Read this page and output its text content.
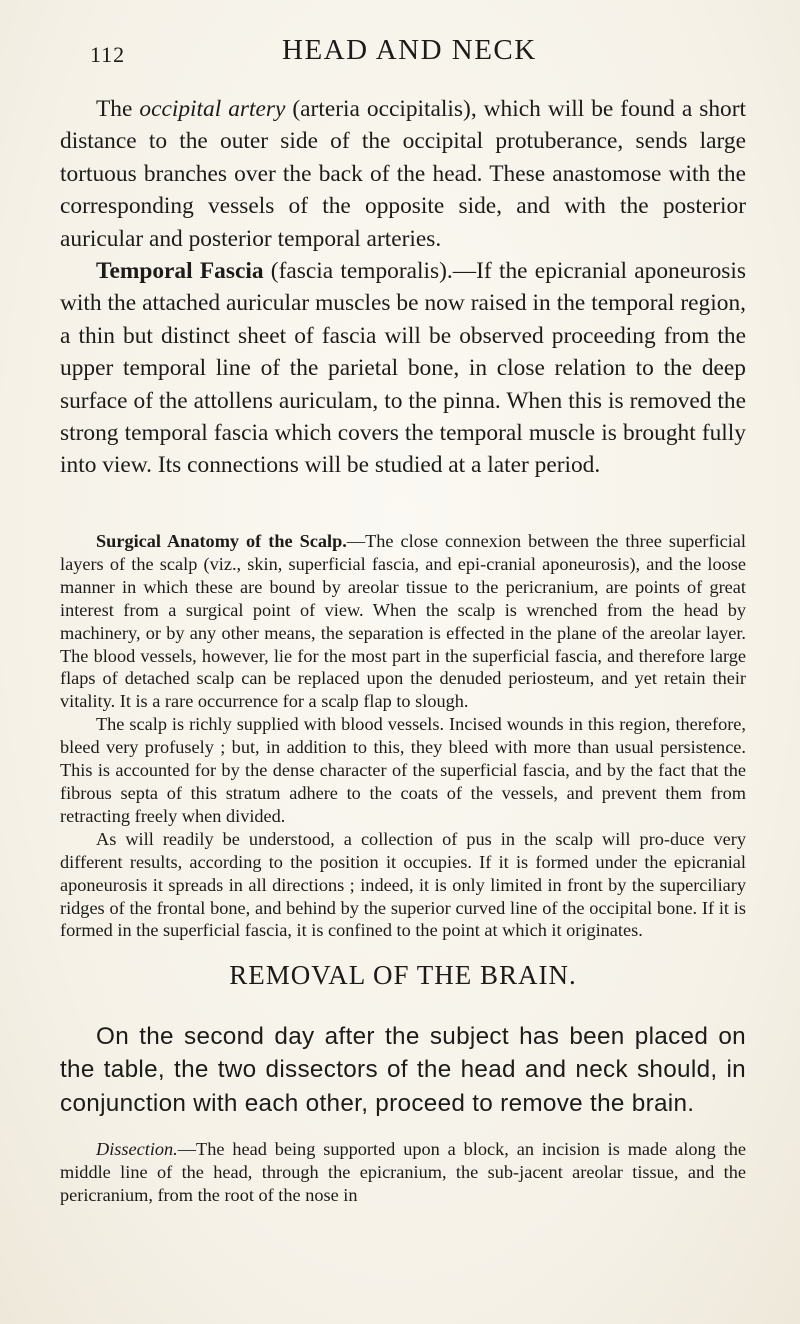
112	HEAD AND NECK

The occipital artery (arteria occipitalis), which will be found a short distance to the outer side of the occipital protuberance, sends large tortuous branches over the back of the head. These anastomose with the corresponding vessels of the opposite side, and with the posterior auricular and posterior temporal arteries.

Temporal Fascia (fascia temporalis).—If the epicranial aponeurosis with the attached auricular muscles be now raised in the temporal region, a thin but distinct sheet of fascia will be observed proceeding from the upper temporal line of the parietal bone, in close relation to the deep surface of the attollens auriculam, to the pinna. When this is removed the strong temporal fascia which covers the temporal muscle is brought fully into view. Its connections will be studied at a later period.

Surgical Anatomy of the Scalp.—The close connexion between the three superficial layers of the scalp (viz., skin, superficial fascia, and epi-cranial aponeurosis), and the loose manner in which these are bound by areolar tissue to the pericranium, are points of great interest from a surgical point of view. When the scalp is wrenched from the head by machinery, or by any other means, the separation is effected in the plane of the areolar layer. The blood vessels, however, lie for the most part in the superficial fascia, and therefore large flaps of detached scalp can be replaced upon the denuded periosteum, and yet retain their vitality. It is a rare occurrence for a scalp flap to slough.

The scalp is richly supplied with blood vessels. Incised wounds in this region, therefore, bleed very profusely ; but, in addition to this, they bleed with more than usual persistence. This is accounted for by the dense character of the superficial fascia, and by the fact that the fibrous septa of this stratum adhere to the coats of the vessels, and prevent them from retracting freely when divided.

As will readily be understood, a collection of pus in the scalp will pro-duce very different results, according to the position it occupies. If it is formed under the epicranial aponeurosis it spreads in all directions ; indeed, it is only limited in front by the superciliary ridges of the frontal bone, and behind by the superior curved line of the occipital bone. If it is formed in the superficial fascia, it is confined to the point at which it originates.

REMOVAL OF THE BRAIN.

On the second day after the subject has been placed on the table, the two dissectors of the head and neck should, in conjunction with each other, proceed to remove the brain.

Dissection.—The head being supported upon a block, an incision is made along the middle line of the head, through the epicranium, the sub-jacent areolar tissue, and the pericranium, from the root of the nose in
